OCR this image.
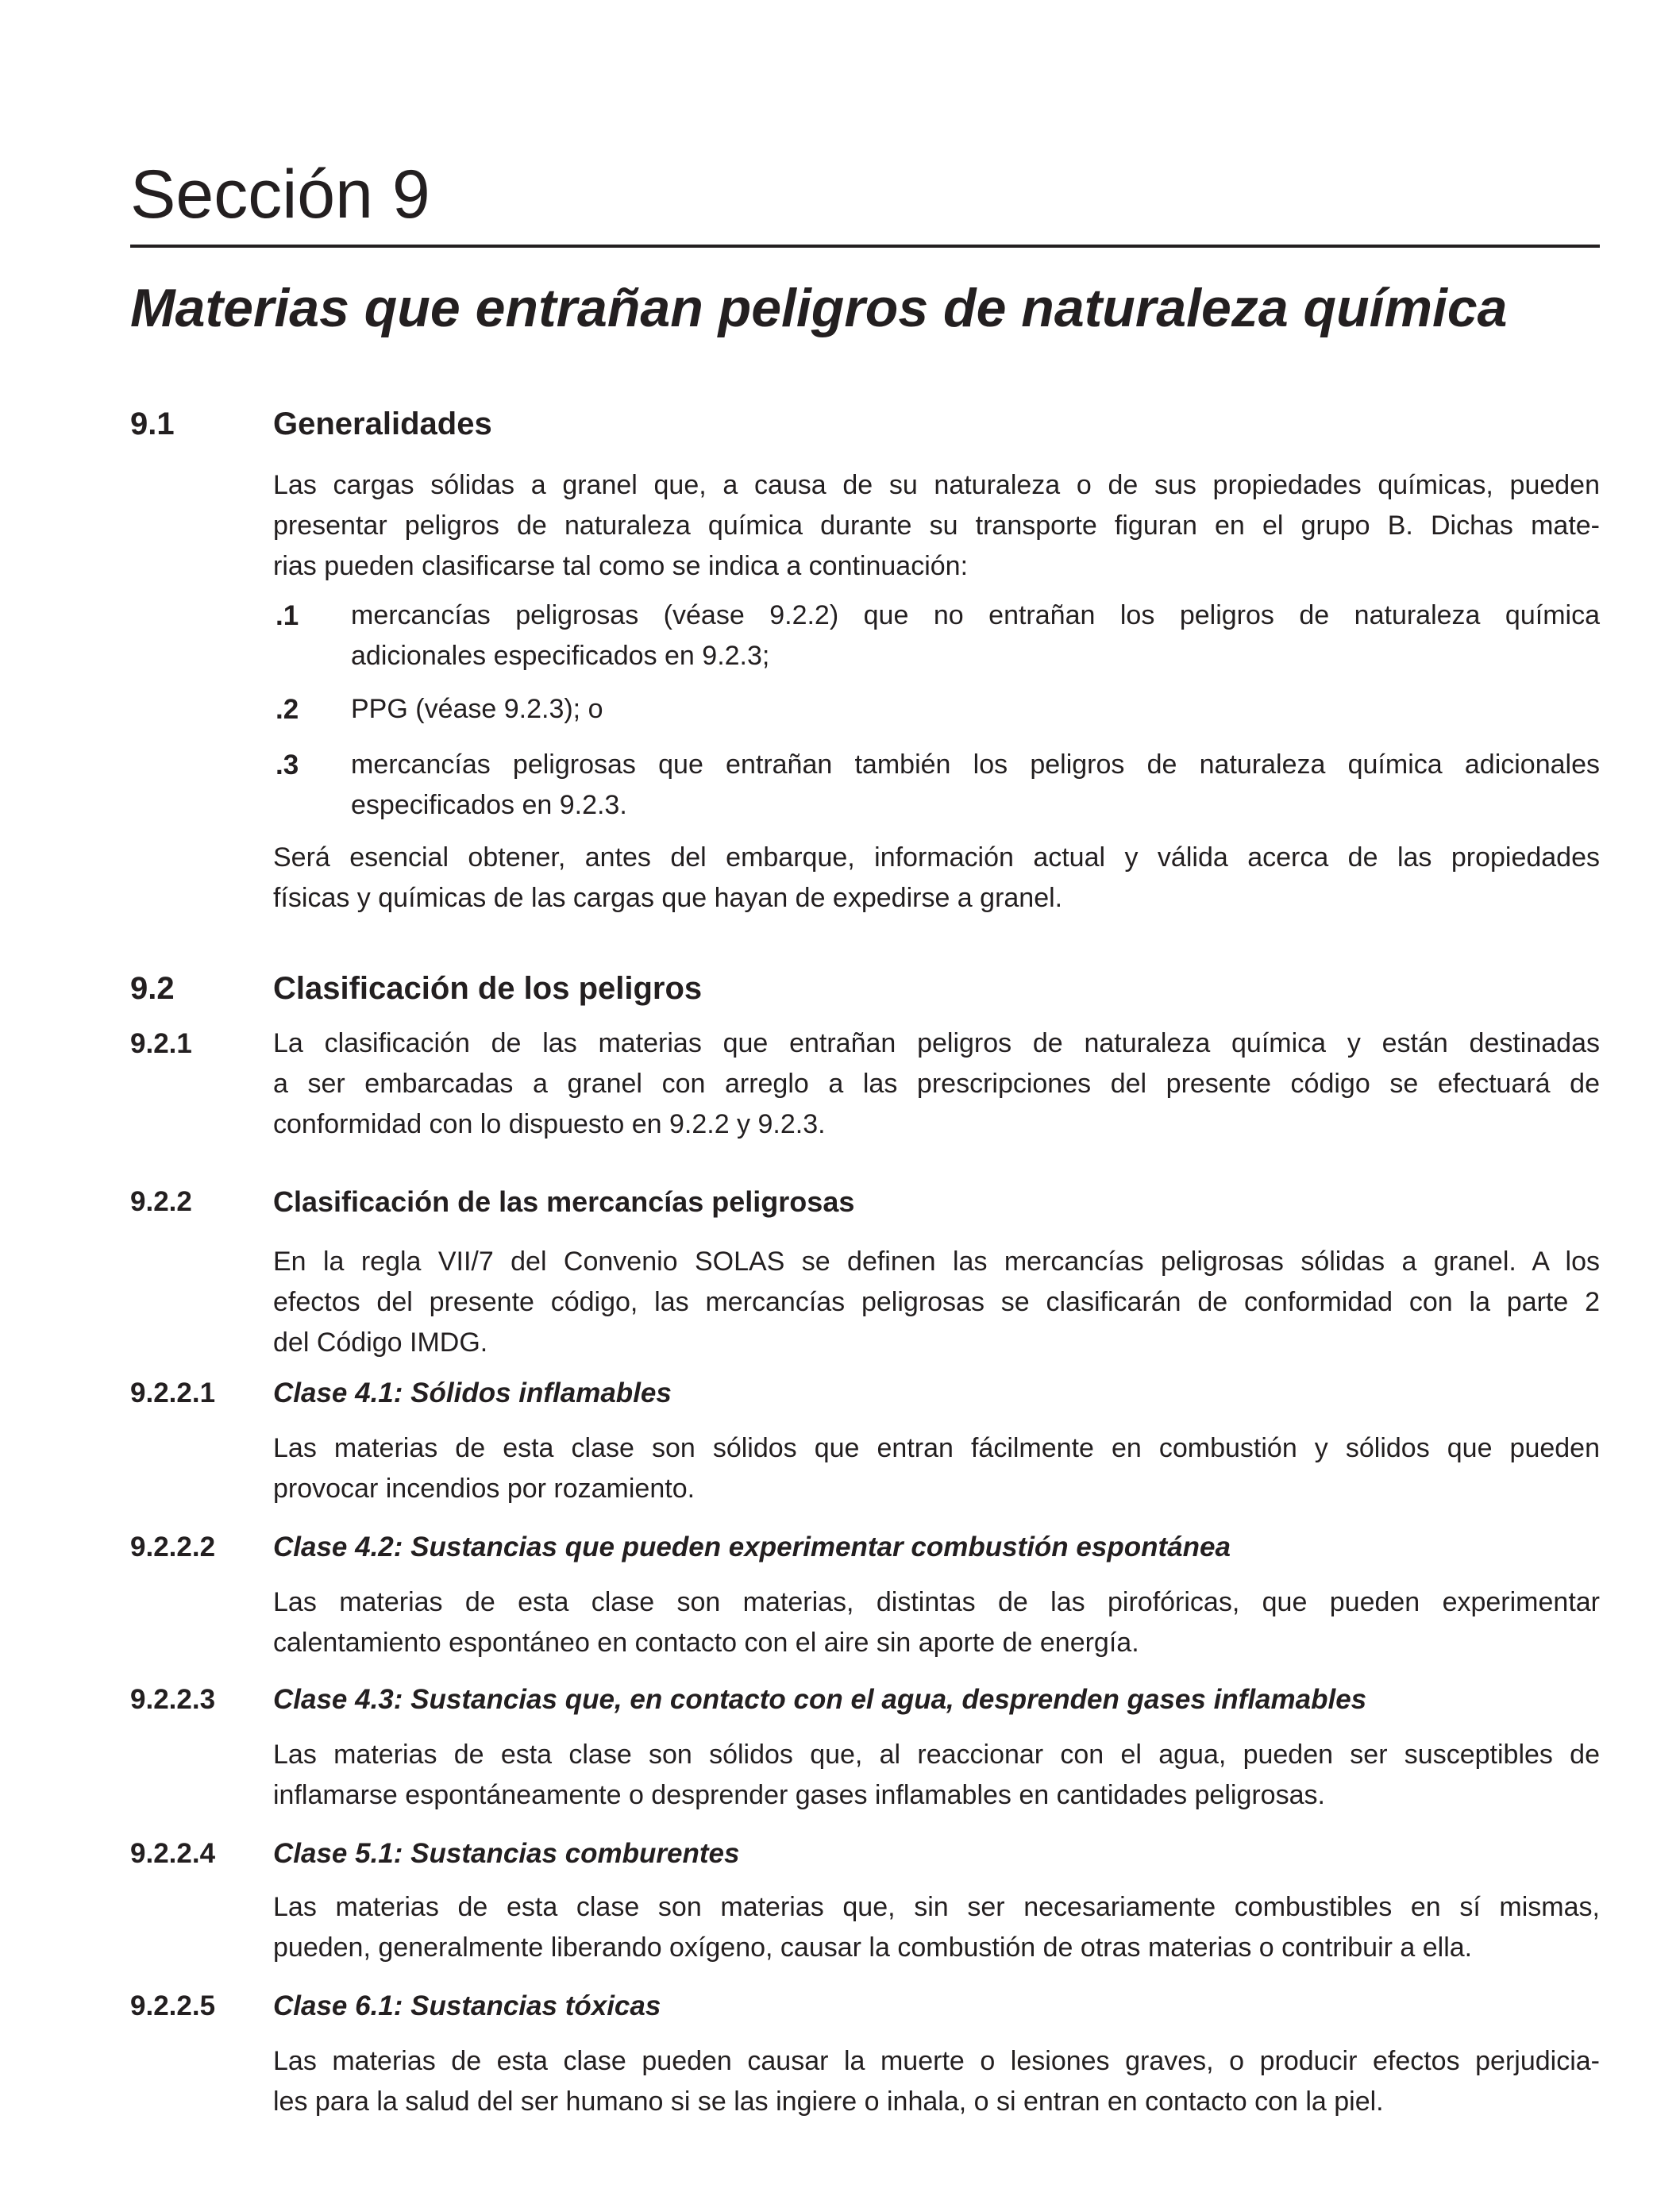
Sección 9
Materias que entrañan peligros de naturaleza química
9.1	Generalidades
Las cargas sólidas a granel que, a causa de su naturaleza o de sus propiedades químicas, pueden
presentar peligros de naturaleza química durante su transporte figuran en el grupo B. Dichas mate-
rias pueden clasificarse tal como se indica a continuación:
.1 mercancías peligrosas (véase 9.2.2) que no entrañan los peligros de naturaleza química
adicionales especificados en 9.2.3;
.2 PPG (véase 9.2.3); o
.3 mercancías peligrosas que entrañan también los peligros de naturaleza química adicionales
especificados en 9.2.3.
Será esencial obtener, antes del embarque, información actual y válida acerca de las propiedades
físicas y químicas de las cargas que hayan de expedirse a granel.
9.2	Clasificación de los peligros
9.2.1	La clasificación de las materias que entrañan peligros de naturaleza química y están destinadas
a ser embarcadas a granel con arreglo a las prescripciones del presente código se efectuará de
conformidad con lo dispuesto en 9.2.2 y 9.2.3.
9.2.2	Clasificación de las mercancías peligrosas
En la regla VII/7 del Convenio SOLAS se definen las mercancías peligrosas sólidas a granel. A los
efectos del presente código, las mercancías peligrosas se clasificarán de conformidad con la parte 2
del Código IMDG.
9.2.2.1 Clase 4.1: Sólidos inflamables
Las materias de esta clase son sólidos que entran fácilmente en combustión y sólidos que pueden
provocar incendios por rozamiento.
9.2.2.2 Clase 4.2: Sustancias que pueden experimentar combustión espontánea
Las materias de esta clase son materias, distintas de las pirofóricas, que pueden experimentar
calentamiento espontáneo en contacto con el aire sin aporte de energía.
9.2.2.3 Clase 4.3: Sustancias que, en contacto con el agua, desprenden gases inflamables
Las materias de esta clase son sólidos que, al reaccionar con el agua, pueden ser susceptibles de
inflamarse espontáneamente o desprender gases inflamables en cantidades peligrosas.
9.2.2.4 Clase 5.1: Sustancias comburentes
Las materias de esta clase son materias que, sin ser necesariamente combustibles en sí mismas,
pueden, generalmente liberando oxígeno, causar la combustión de otras materias o contribuir a ella.
9.2.2.5 Clase 6.1: Sustancias tóxicas
Las materias de esta clase pueden causar la muerte o lesiones graves, o producir efectos perjudicia-
les para la salud del ser humano si se las ingiere o inhala, o si entran en contacto con la piel.
